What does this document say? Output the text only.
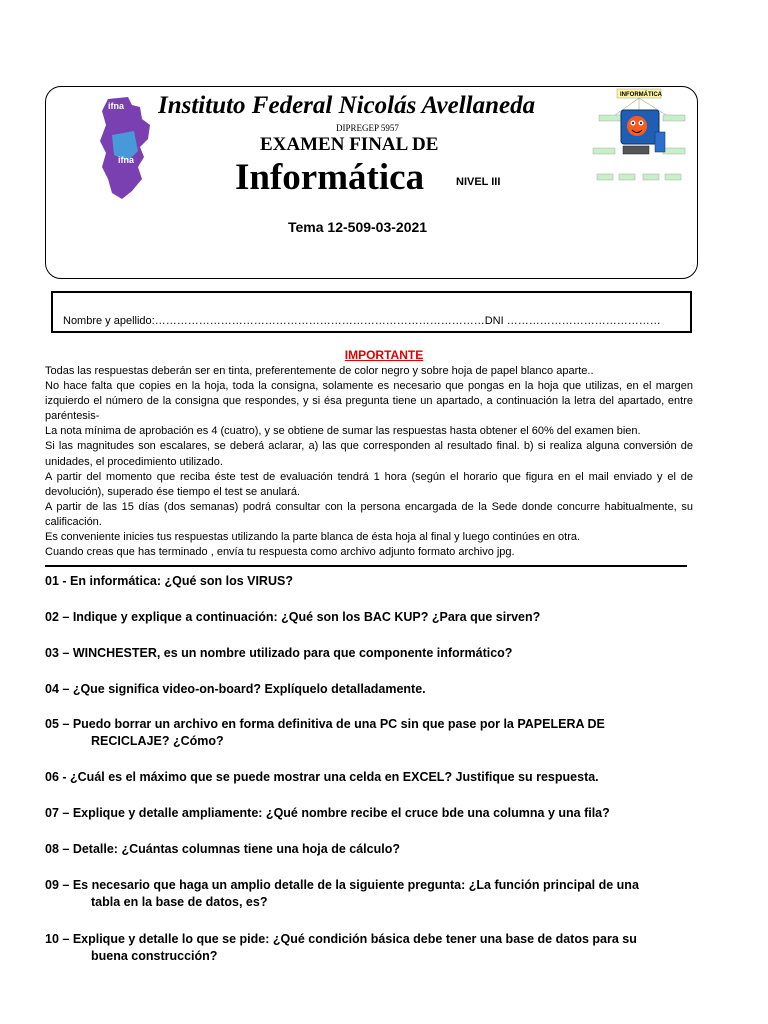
ifna
ifna
INFORMÁTICA
Instituto Federal Nicolás Avellaneda
DIPREGEP 5957
EXAMEN FINAL DE
Informática	NIVEL III
Tema 12-509-03-2021
Nombre y apellido:………………………………………………………………………………DNI ……………………………………
IMPORTANTE

Todas las respuestas deberán ser en tinta, preferentemente de color negro y sobre hoja de papel blanco aparte..

No hace falta que copies en la hoja, toda la consigna, solamente es necesario que pongas en la hoja que utilizas, en el margen izquierdo el número de la consigna que respondes, y si ésa pregunta tiene un apartado, a continuación la letra del apartado, entre paréntesis-

La nota mínima de aprobación es 4 (cuatro), y se obtiene de sumar las respuestas hasta obtener el 60% del examen bien.

Si las magnitudes son escalares, se deberá aclarar, a) las que corresponden al resultado final. b) si realiza alguna conversión de unidades, el procedimiento utilizado.

A partir del momento que reciba éste test de evaluación tendrá 1 hora (según el horario que figura en el mail enviado y el de devolución), superado ése tiempo el test se anulará.

A partir de las 15 días (dos semanas) podrá consultar con la persona encargada de la Sede donde concurre habitualmente, su calificación.

Es conveniente inicies tus respuestas utilizando la parte blanca de ésta hoja al final y luego continúes en otra.

Cuando creas que has terminado , envía tu respuesta como archivo adjunto formato archivo jpg.

01 - En informática: ¿Qué son los VIRUS?
02 – Indique y explique a continuación: ¿Qué son los BAC KUP? ¿Para que sirven?
03 – WINCHESTER, es un nombre utilizado para que componente informático?
04 – ¿Que significa video-on-board? Explíquelo detalladamente.
05 – Puedo borrar un archivo en forma definitiva de una PC sin que pase por la PAPELERA DE
RECICLAJE? ¿Cómo?
06 - ¿Cuál es el máximo que se puede mostrar una celda en EXCEL? Justifique su respuesta.
07 – Explique y detalle ampliamente: ¿Qué nombre recibe el cruce bde una columna y una fila?
08 – Detalle: ¿Cuántas columnas tiene una hoja de cálculo?
09 – Es necesario que haga un amplio detalle de la siguiente pregunta: ¿La función principal de una
tabla en la base de datos, es?
10 – Explique y detalle lo que se pide: ¿Qué condición básica debe tener una base de datos para su
buena construcción?
